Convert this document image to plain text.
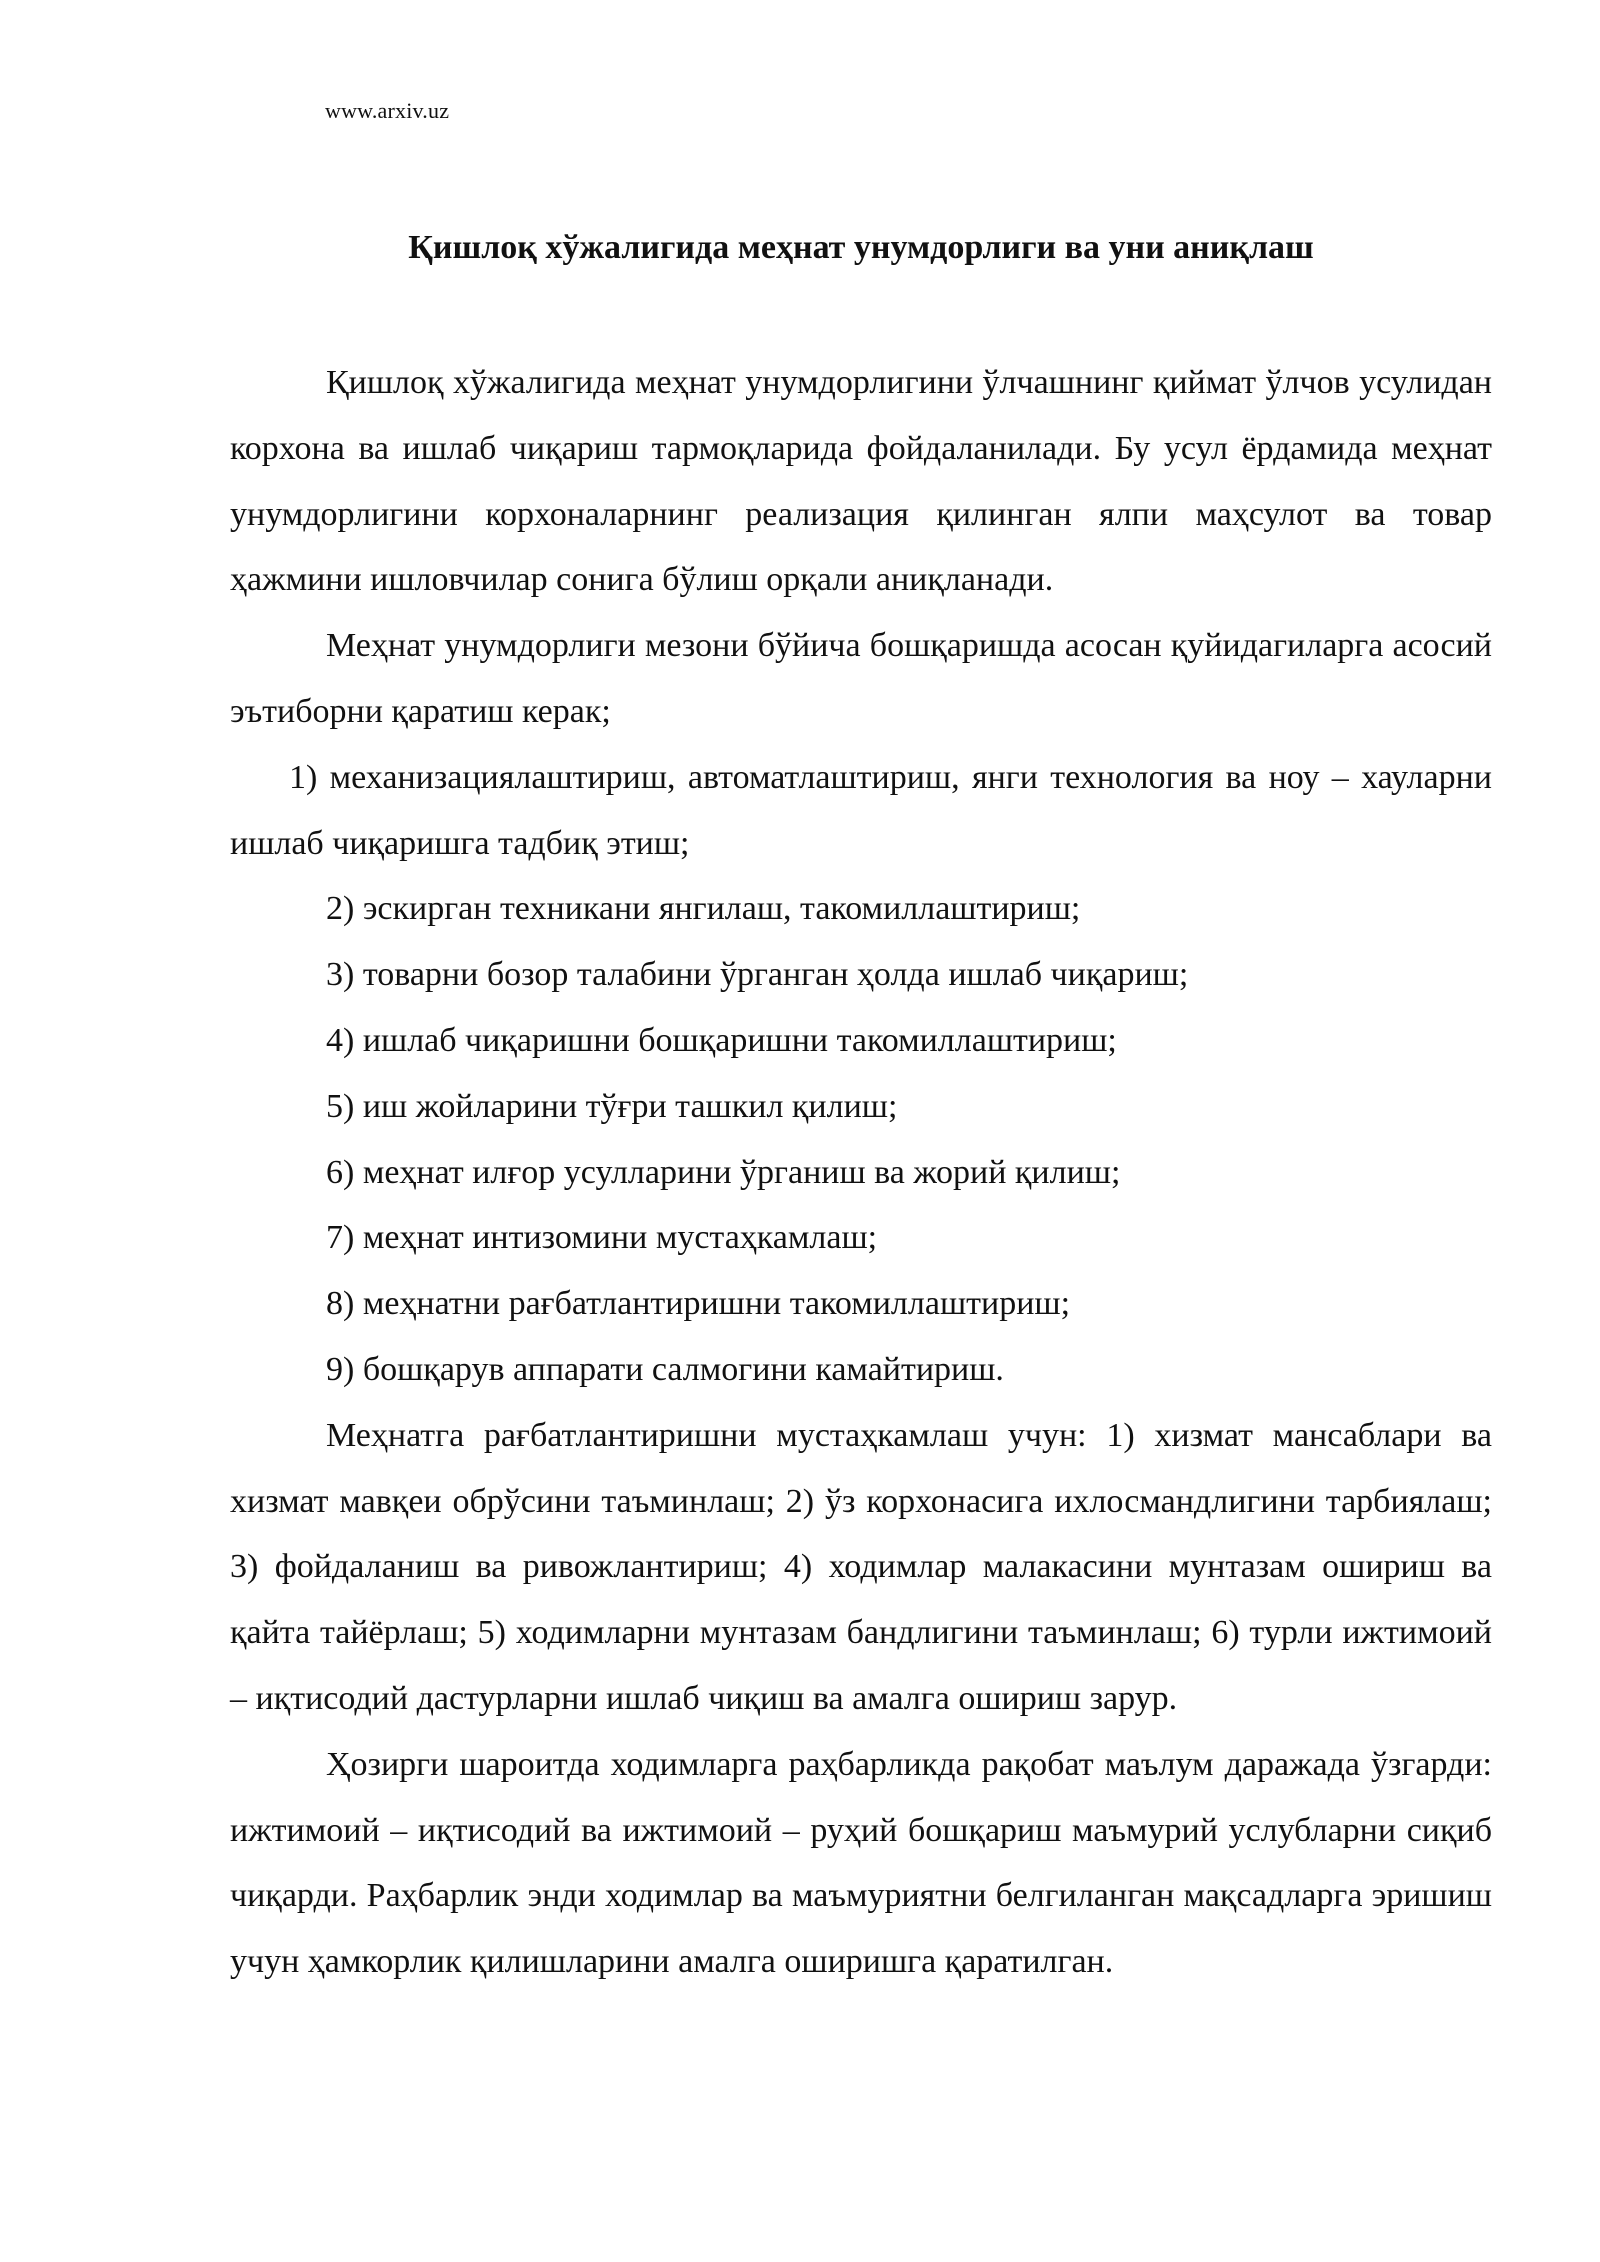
www.arxiv.uz
Қишлоқ хўжалигида меҳнат унумдорлиги ва уни аниқлаш

Қишлоқ хўжалигида меҳнат унумдорлигини ўлчашнинг қиймат ўлчов усулидан корхона ва ишлаб чиқариш тармоқларида фойдаланилади. Бу усул ёрдамида меҳнат унумдорлигини корхоналарнинг реализация қилинган ялпи маҳсулот ва товар ҳажмини ишловчилар сонига бўлиш орқали аниқланади.

Меҳнат унумдорлиги мезони бўйича бошқаришда асосан қуйидагиларга асосий эътиборни қаратиш керак;

1) механизациялаштириш, автоматлаштириш, янги технология ва ноу – хауларни ишлаб чиқаришга тадбиқ этиш;

2) эскирган техникани янгилаш, такомиллаштириш;

3) товарни бозор талабини ўрганган ҳолда ишлаб чиқариш;

4) ишлаб чиқаришни бошқаришни такомиллаштириш;

5) иш жойларини тўғри ташкил қилиш;

6) меҳнат илғор усулларини ўрганиш ва жорий қилиш;

7) меҳнат интизомини мустаҳкамлаш;

8) меҳнатни рағбатлантиришни такомиллаштириш;

9) бошқарув аппарати салмогини камайтириш.

Меҳнатга рағбатлантиришни мустаҳкамлаш учун: 1) хизмат мансаблари ва хизмат мавқеи обрўсини таъминлаш; 2) ўз корхонасига ихлосмандлигини тарбиялаш; 3) фойдаланиш ва ривожлантириш; 4) ходимлар малакасини мунтазам ошириш ва қайта тайёрлаш; 5) ходимларни мунтазам бандлигини таъминлаш; 6) турли ижтимоий – иқтисодий дастурларни ишлаб чиқиш ва амалга ошириш зарур.

Ҳозирги шароитда ходимларга раҳбарликда рақобат маълум даражада ўзгарди: ижтимоий – иқтисодий ва ижтимоий – руҳий бошқариш маъмурий услубларни сиқиб чиқарди. Раҳбарлик энди ходимлар ва маъмуриятни белгиланган мақсадларга эришиш учун ҳамкорлик қилишларини амалга оширишга қаратилган.
